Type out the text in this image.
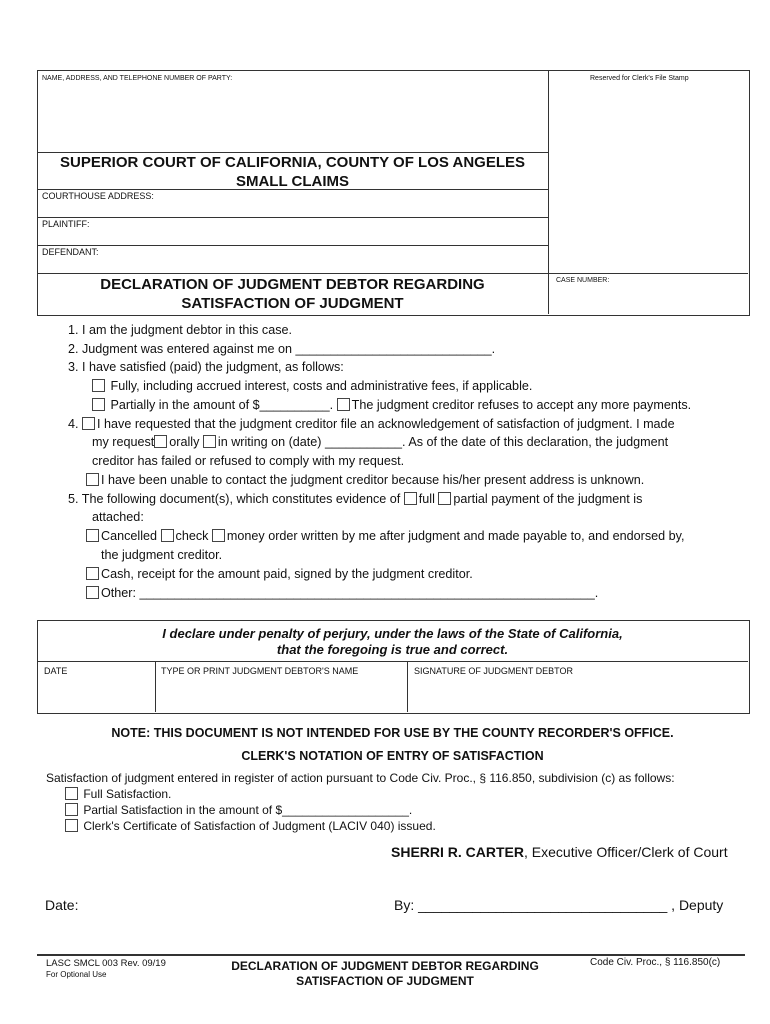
NAME, ADDRESS, AND TELEPHONE NUMBER OF PARTY:	Reserved for Clerk's File Stamp
SUPERIOR COURT OF CALIFORNIA, COUNTY OF LOS ANGELES
SMALL CLAIMS
COURTHOUSE ADDRESS:
PLAINTIFF:
DEFENDANT:
DECLARATION OF JUDGMENT DEBTOR REGARDING
SATISFACTION OF JUDGMENT
CASE NUMBER:
1. I am the judgment debtor in this case.
2. Judgment was entered against me on ____________________________.
3. I have satisfied (paid) the judgment, as follows:
Fully, including accrued interest, costs and administrative fees, if applicable.
Partially in the amount of $__________. The judgment creditor refuses to accept any more payments.
4. I have requested that the judgment creditor file an acknowledgement of satisfaction of judgment. I made
my request orally in writing on (date) ___________. As of the date of this declaration, the judgment
creditor has failed or refused to comply with my request.
I have been unable to contact the judgment creditor because his/her present address is unknown.
5. The following document(s), which constitutes evidence of full partial payment of the judgment is
attached:
Cancelled check money order written by me after judgment and made payable to, and endorsed by,
the judgment creditor.
Cash, receipt for the amount paid, signed by the judgment creditor.
Other: _________________________________________________________________.
I declare under penalty of perjury, under the laws of the State of California,
that the foregoing is true and correct.
DATE	TYPE OR PRINT JUDGMENT DEBTOR'S NAME	SIGNATURE OF JUDGMENT DEBTOR
NOTE: THIS DOCUMENT IS NOT INTENDED FOR USE BY THE COUNTY RECORDER'S OFFICE.
CLERK'S NOTATION OF ENTRY OF SATISFACTION
Satisfaction of judgment entered in register of action pursuant to Code Civ. Proc., § 116.850, subdivision (c) as follows:
Full Satisfaction.
Partial Satisfaction in the amount of $___________________.
Clerk's Certificate of Satisfaction of Judgment (LACIV 040) issued.
SHERRI R. CARTER, Executive Officer/Clerk of Court
Date:	By: ________________________________ , Deputy
LASC SMCL 003 Rev. 09/19
For Optional Use
DECLARATION OF JUDGMENT DEBTOR REGARDING
SATISFACTION OF JUDGMENT
Code Civ. Proc., § 116.850(c)
